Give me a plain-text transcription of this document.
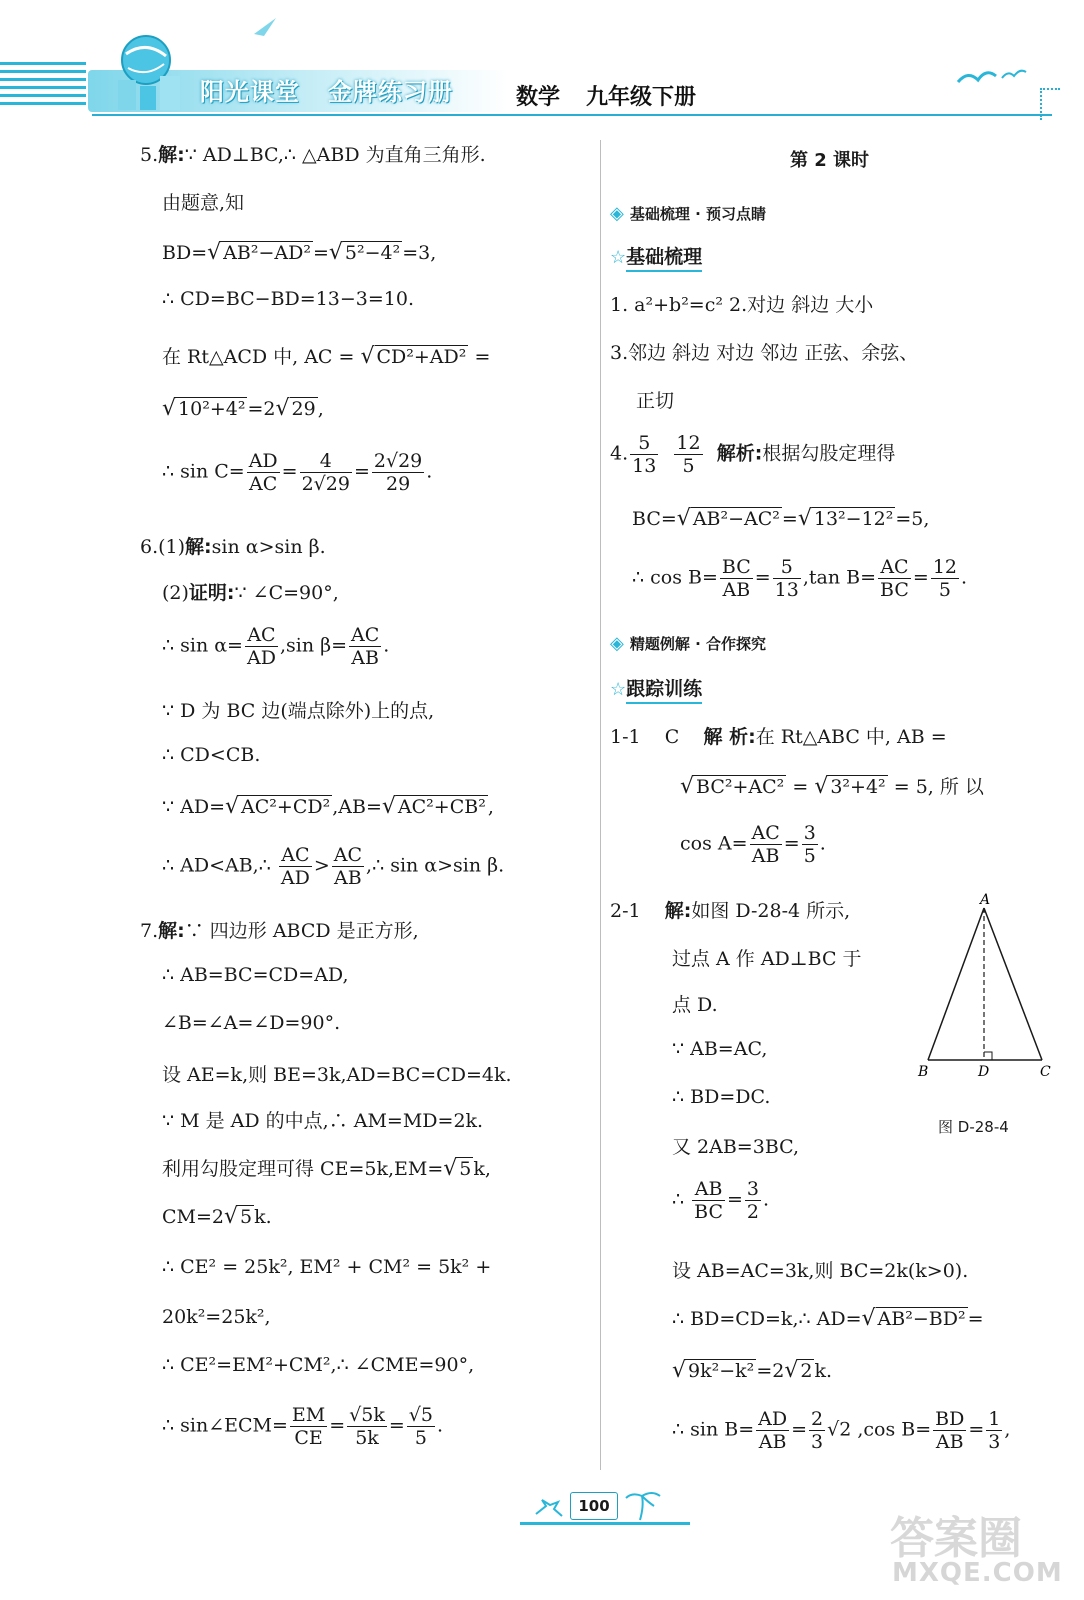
阳光课堂 金牌练习册	数学 九年级下册
5.解:∵ AD⊥BC,∴ △ABD 为直角三角形.
由题意,知
BD=√ AB²−AD² =√ 5²−4² =3,
∴ CD=BC−BD=13−3=10.
在 Rt△ACD 中, AC = √ CD²+AD² =
√ 10²+4² =2√ 29 ,
∴ $\sin C= \frac{AD}{AC} = \frac{4}{2√29} = \frac{2√29}{29}$ .
6.(1)解:sin α>sin β.
(2)证明:∵ ∠C=90°,
∴ $\sin \alpha= \frac{AC}{AD} ,\sin$ $\beta= \frac{AC}{AB}$ .
∵ D 为 BC 边(端点除外)上的点,
∴ CD<CB.
∵ AD=√ AC²+CD² ,AB=√ AC²+CB² ,
∴ AD<AB,∴ $\frac{AC}{AD} > \frac{AC}{AB}$ ,∴ sin α>sin β.
7.解:∵ 四边形 ABCD 是正方形,
∴ AB=BC=CD=AD,
∠B=∠A=∠D=90°.
设 AE=k,则 BE=3k,AD=BC=CD=4k.
∵ M 是 AD 的中点,∴ AM=MD=2k.
利用勾股定理可得 CE=5k,EM=√ 5 k,
CM=2√ 5 k.
∴ CE² = 25k², EM² + CM² = 5k² +
20k²=25k²,
∴ CE²=EM²+CM²,∴ ∠CME=90°,
∴ sin∠ECM= $\frac{EM}{CE} = \frac{√5k}{5k} = \frac{√5}{5}$ .
第 2 课时
◈ 基础梳理 · 预习点睛
☆基础梳理
1. a²+b²=c² 2.对边 斜边 大小
3.邻边 斜边 对边 邻边 正弦、余弦、
正切
4. $\frac{5}{13}$
$\frac{12}{5}$ 解析:根据勾股定理得
BC=√ AB²−AC² =√ 13²−12² =5,
∴ $\cos B= \frac{BC}{AB} = \frac{5}{13} ,\tan$ $B= \frac{AC}{BC} = \frac{12}{5}$ .
◈ 精题例解 · 合作探究
☆跟踪训练
1-1 C 解 析:在 Rt△ABC 中, AB =
√ BC²+AC² = √ 3²+4² = 5, 所 以
$\cos A= \frac{AC}{AB} = \frac{3}{5}$ .
2-1 解:如图 D-28-4 所示,
过点 A 作 AD⊥BC 于
点 D.
∵ AB=AC,
∴ BD=DC.
又 2AB=3BC,
∴ $\frac{AB}{BC} = \frac{3}{2}$ .
设 AB=AC=3k,则 BC=2k(k>0).
∴ BD=CD=k,∴ AD=√ AB²−BD² =
√ 9k²−k² =2√ 2 k.
∴ $\sin B= \frac{AD}{AB} = \frac{2}{3} √2$ ,cos $B= \frac{BD}{AB} = \frac{1}{3}$ ,
A
B	D	C
图 D-28-4
100
答案圈
MXQE.COM
